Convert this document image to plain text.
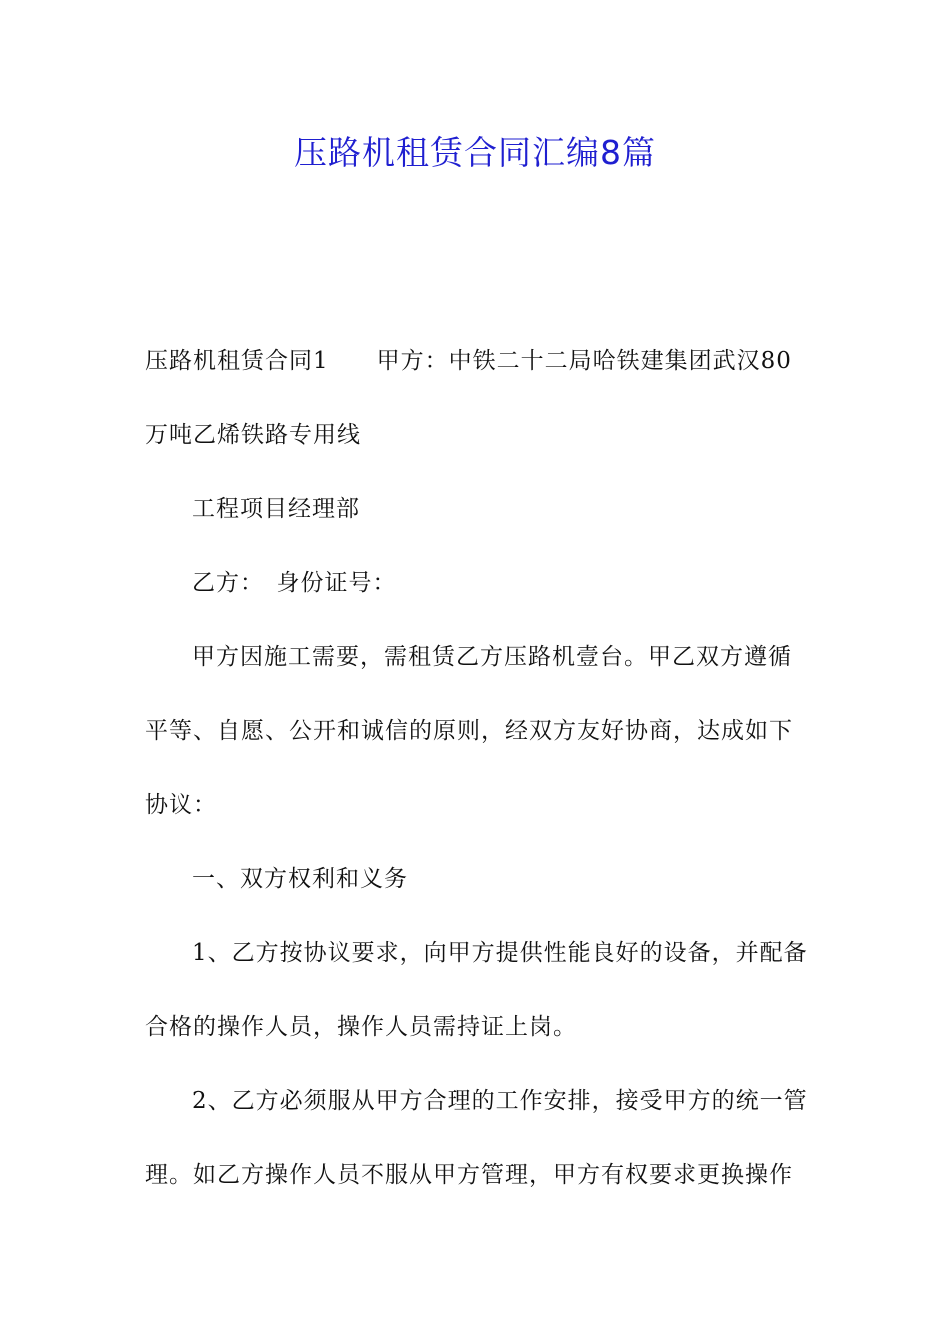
压路机租赁合同汇编8篇
压路机租赁合同1　　甲方：中铁二十二局哈铁建集团武汉80
万吨乙烯铁路专用线
工程项目经理部
乙方：　身份证号：
甲方因施工需要，需租赁乙方压路机壹台。甲乙双方遵循
平等、自愿、公开和诚信的原则，经双方友好协商，达成如下
协议：
一、双方权利和义务
1、乙方按协议要求，向甲方提供性能良好的设备，并配备
合格的操作人员，操作人员需持证上岗。
2、乙方必须服从甲方合理的工作安排，接受甲方的统一管
理。如乙方操作人员不服从甲方管理，甲方有权要求更换操作
